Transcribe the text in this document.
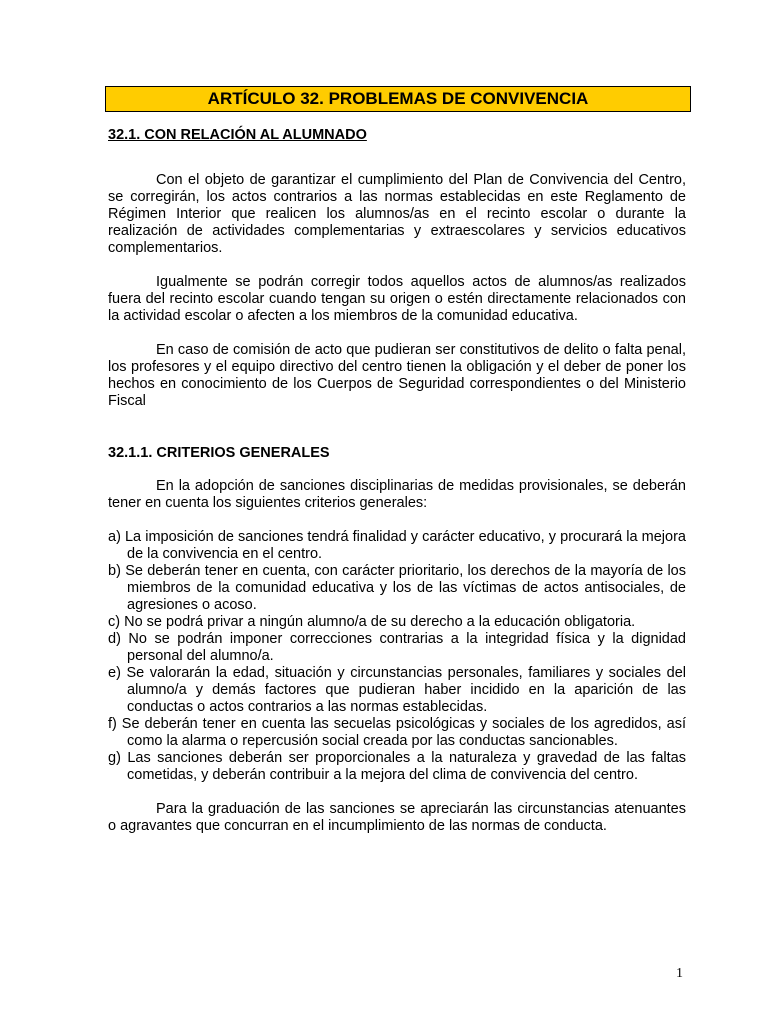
ARTÍCULO 32. PROBLEMAS DE CONVIVENCIA
32.1. CON RELACIÓN AL ALUMNADO

Con el objeto de garantizar el cumplimiento del Plan de Convivencia del Centro, se corregirán, los actos contrarios a las normas establecidas en este Reglamento de Régimen Interior que realicen los alumnos/as en el recinto escolar o durante la realización de actividades complementarias y extraescolares y servicios educativos complementarios.

Igualmente se podrán corregir todos aquellos actos de alumnos/as realizados fuera del recinto escolar cuando tengan su origen o estén directamente relacionados con la actividad escolar o afecten a los miembros de la comunidad educativa.

En caso de comisión de acto que pudieran ser constitutivos de delito o falta penal, los profesores y el equipo directivo del centro tienen la obligación y el deber de poner los hechos en conocimiento de los Cuerpos de Seguridad correspondientes o del Ministerio Fiscal

32.1.1. CRITERIOS GENERALES

En la adopción de sanciones disciplinarias de medidas provisionales, se deberán tener en cuenta los siguientes criterios generales:

a) La imposición de sanciones tendrá finalidad y carácter educativo, y procurará la mejora de la convivencia en el centro.
b) Se deberán tener en cuenta, con carácter prioritario, los derechos de la mayoría de los miembros de la comunidad educativa y los de las víctimas de actos antisociales, de agresiones o acoso.
c) No se podrá privar a ningún alumno/a de su derecho a la educación obligatoria.
d) No se podrán imponer correcciones contrarias a la integridad física y la dignidad personal del alumno/a.
e) Se valorarán la edad, situación y circunstancias personales, familiares y sociales del alumno/a y demás factores que pudieran haber incidido en la aparición de las conductas o actos contrarios a las normas establecidas.
f) Se deberán tener en cuenta las secuelas psicológicas y sociales de los agredidos, así como la alarma o repercusión social creada por las conductas sancionables.
g) Las sanciones deberán ser proporcionales a la naturaleza y gravedad de las faltas cometidas, y deberán contribuir a la mejora del clima de convivencia del centro.

Para la graduación de las sanciones se apreciarán las circunstancias atenuantes o agravantes que concurran en el incumplimiento de las normas de conducta.

1
